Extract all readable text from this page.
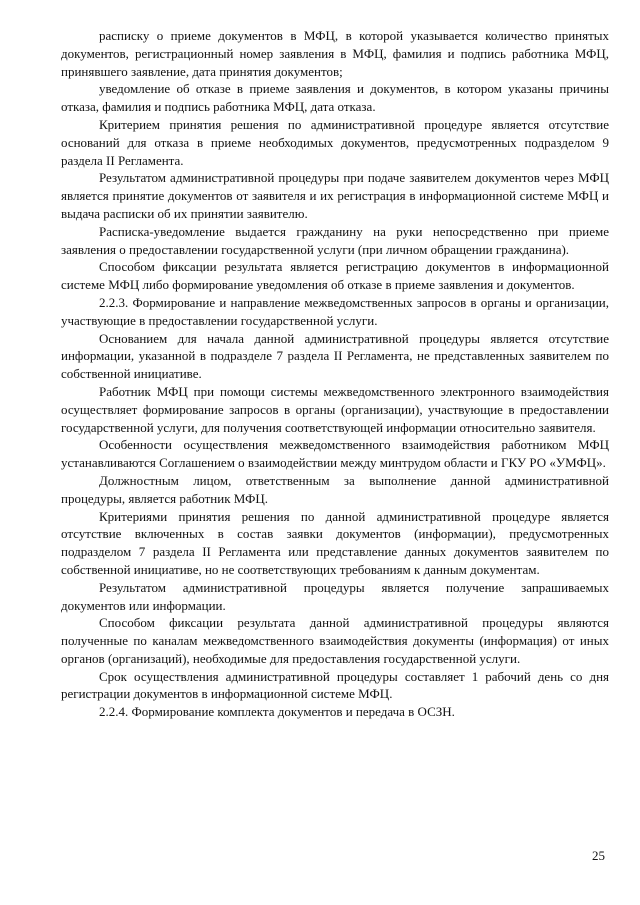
расписку о приеме документов в МФЦ, в которой указывается количество принятых документов, регистрационный номер заявления в МФЦ, фамилия и подпись работника МФЦ, принявшего заявление, дата принятия документов;

уведомление об отказе в приеме заявления и документов, в котором указаны причины отказа, фамилия и подпись работника МФЦ, дата отказа.

Критерием принятия решения по административной процедуре является отсутствие оснований для отказа в приеме необходимых документов, предусмотренных подразделом 9 раздела II Регламента.

Результатом административной процедуры при подаче заявителем документов через МФЦ является принятие документов от заявителя и их регистрация в информационной системе МФЦ и выдача расписки об их принятии заявителю.

Расписка-уведомление выдается гражданину на руки непосредственно при приеме заявления о предоставлении государственной услуги (при личном обращении гражданина).

Способом фиксации результата является регистрацию документов в информационной системе МФЦ либо формирование уведомления об отказе в приеме заявления и документов.

2.2.3. Формирование и направление межведомственных запросов в органы и организации, участвующие в предоставлении государственной услуги.

Основанием для начала данной административной процедуры является отсутствие информации, указанной в подразделе 7 раздела II Регламента, не представленных заявителем по собственной инициативе.

Работник МФЦ при помощи системы межведомственного электронного взаимодействия осуществляет формирование запросов в органы (организации), участвующие в предоставлении государственной услуги, для получения соответствующей информации относительно заявителя.

Особенности осуществления межведомственного взаимодействия работником МФЦ устанавливаются Соглашением о взаимодействии между минтрудом области и ГКУ РО «УМФЦ».

Должностным лицом, ответственным за выполнение данной административной процедуры, является работник МФЦ.

Критериями принятия решения по данной административной процедуре является отсутствие включенных в состав заявки документов (информации), предусмотренных подразделом 7 раздела II Регламента или представление данных документов заявителем по собственной инициативе, но не соответствующих требованиям к данным документам.

Результатом административной процедуры является получение запрашиваемых документов или информации.

Способом фиксации результата данной административной процедуры являются полученные по каналам межведомственного взаимодействия документы (информация) от иных органов (организаций), необходимые для предоставления государственной услуги.

Срок осуществления административной процедуры составляет 1 рабочий день со дня регистрации документов в информационной системе МФЦ.

2.2.4. Формирование комплекта документов и передача в ОСЗН.

25
